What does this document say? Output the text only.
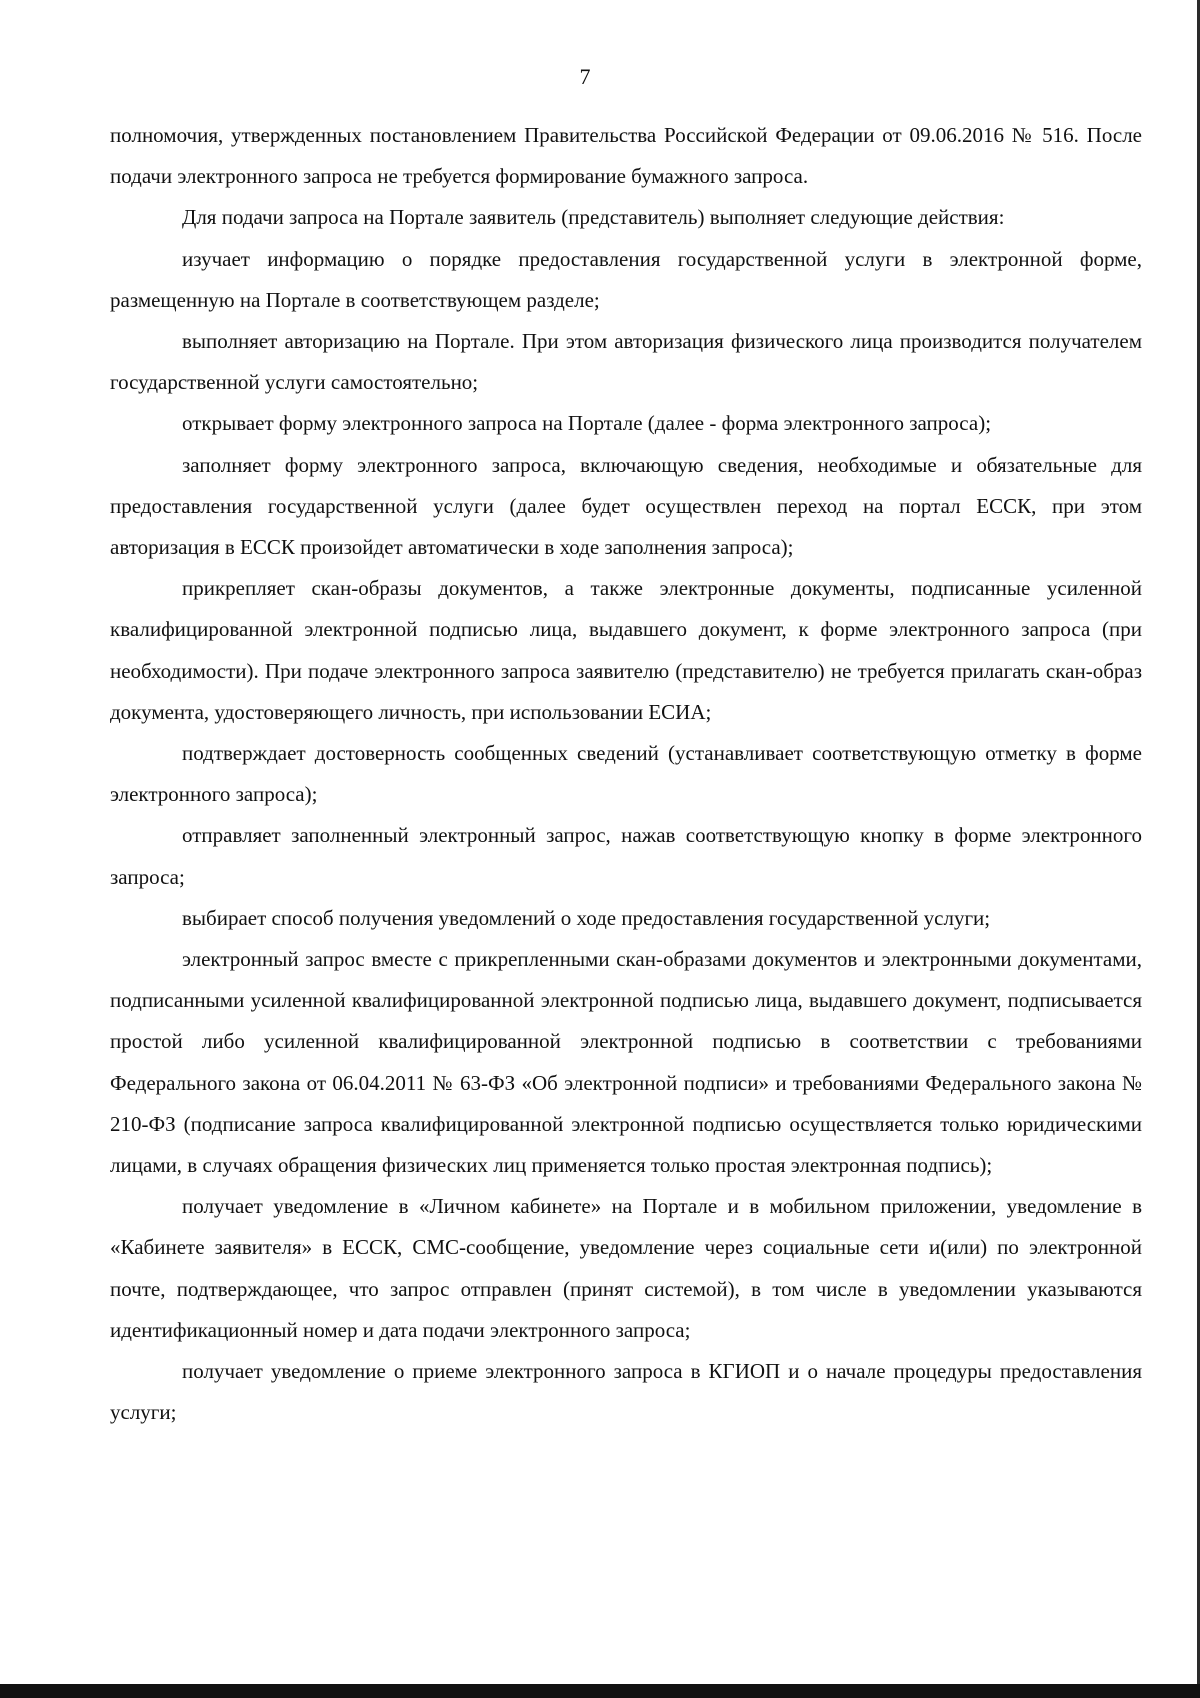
7

полномочия, утвержденных постановлением Правительства Российской Федерации от 09.06.2016 № 516. После подачи электронного запроса не требуется формирование бумажного запроса.

Для подачи запроса на Портале заявитель (представитель) выполняет следующие действия:

изучает информацию о порядке предоставления государственной услуги в электронной форме, размещенную на Портале в соответствующем разделе;

выполняет авторизацию на Портале. При этом авторизация физического лица производится получателем государственной услуги самостоятельно;

открывает форму электронного запроса на Портале (далее - форма электронного запроса);

заполняет форму электронного запроса, включающую сведения, необходимые и обязательные для предоставления государственной услуги (далее будет осуществлен переход на портал ЕССК, при этом авторизация в ЕССК произойдет автоматически в ходе заполнения запроса);

прикрепляет скан-образы документов, а также электронные документы, подписанные усиленной квалифицированной электронной подписью лица, выдавшего документ, к форме электронного запроса (при необходимости). При подаче электронного запроса заявителю (представителю) не требуется прилагать скан-образ документа, удостоверяющего личность, при использовании ЕСИА;

подтверждает достоверность сообщенных сведений (устанавливает соответствующую отметку в форме электронного запроса);

отправляет заполненный электронный запрос, нажав соответствующую кнопку в форме электронного запроса;

выбирает способ получения уведомлений о ходе предоставления государственной услуги;

электронный запрос вместе с прикрепленными скан-образами документов и электронными документами, подписанными усиленной квалифицированной электронной подписью лица, выдавшего документ, подписывается простой либо усиленной квалифицированной электронной подписью в соответствии с требованиями Федерального закона от 06.04.2011 № 63-ФЗ «Об электронной подписи» и требованиями Федерального закона № 210-ФЗ (подписание запроса квалифицированной электронной подписью осуществляется только юридическими лицами, в случаях обращения физических лиц применяется только простая электронная подпись);

получает уведомление в «Личном кабинете» на Портале и в мобильном приложении, уведомление в «Кабинете заявителя» в ЕССК, СМС-сообщение, уведомление через социальные сети и(или) по электронной почте, подтверждающее, что запрос отправлен (принят системой), в том числе в уведомлении указываются идентификационный номер и дата подачи электронного запроса;

получает уведомление о приеме электронного запроса в КГИОП и о начале процедуры предоставления услуги;
